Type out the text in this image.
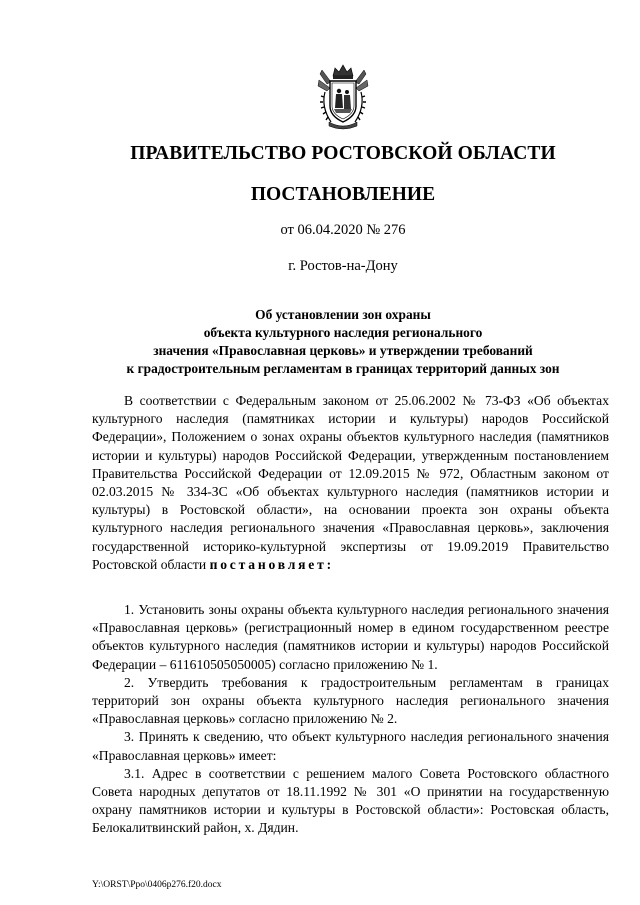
ПРАВИТЕЛЬСТВО РОСТОВСКОЙ ОБЛАСТИ
ПОСТАНОВЛЕНИЕ
от 06.04.2020 № 276
г. Ростов-на-Дону
Об установлении зон охраны
объекта культурного наследия регионального
значения «Православная церковь» и утверждении требований
к градостроительным регламентам в границах территорий данных зон

В соответствии с Федеральным законом от 25.06.2002 № 73-ФЗ «Об объектах культурного наследия (памятниках истории и культуры) народов Российской Федерации», Положением о зонах охраны объектов культурного наследия (памятников истории и культуры) народов Российской Федерации, утвержденным постановлением Правительства Российской Федерации от 12.09.2015 № 972, Областным законом от 02.03.2015 № 334-ЗС «Об объектах культурного наследия (памятников истории и культуры) в Ростовской области», на основании проекта зон охраны объекта культурного наследия регионального значения «Православная церковь», заключения государственной историко-культурной экспертизы от 19.09.2019 Правительство Ростовской области постановляет:

1. Установить зоны охраны объекта культурного наследия регионального значения «Православная церковь» (регистрационный номер в едином государственном реестре объектов культурного наследия (памятников истории и культуры) народов Российской Федерации – 611610505050005) согласно приложению № 1.

2. Утвердить требования к градостроительным регламентам в границах территорий зон охраны объекта культурного наследия регионального значения «Православная церковь» согласно приложению № 2.

3. Принять к сведению, что объект культурного наследия регионального значения «Православная церковь» имеет:

3.1. Адрес в соответствии с решением малого Совета Ростовского областного Совета народных депутатов от 18.11.1992 № 301 «О принятии на государственную охрану памятников истории и культуры в Ростовской области»: Ростовская область, Белокалитвинский район, х. Дядин.

Y:\ORST\Ppo\0406p276.f20.docx
